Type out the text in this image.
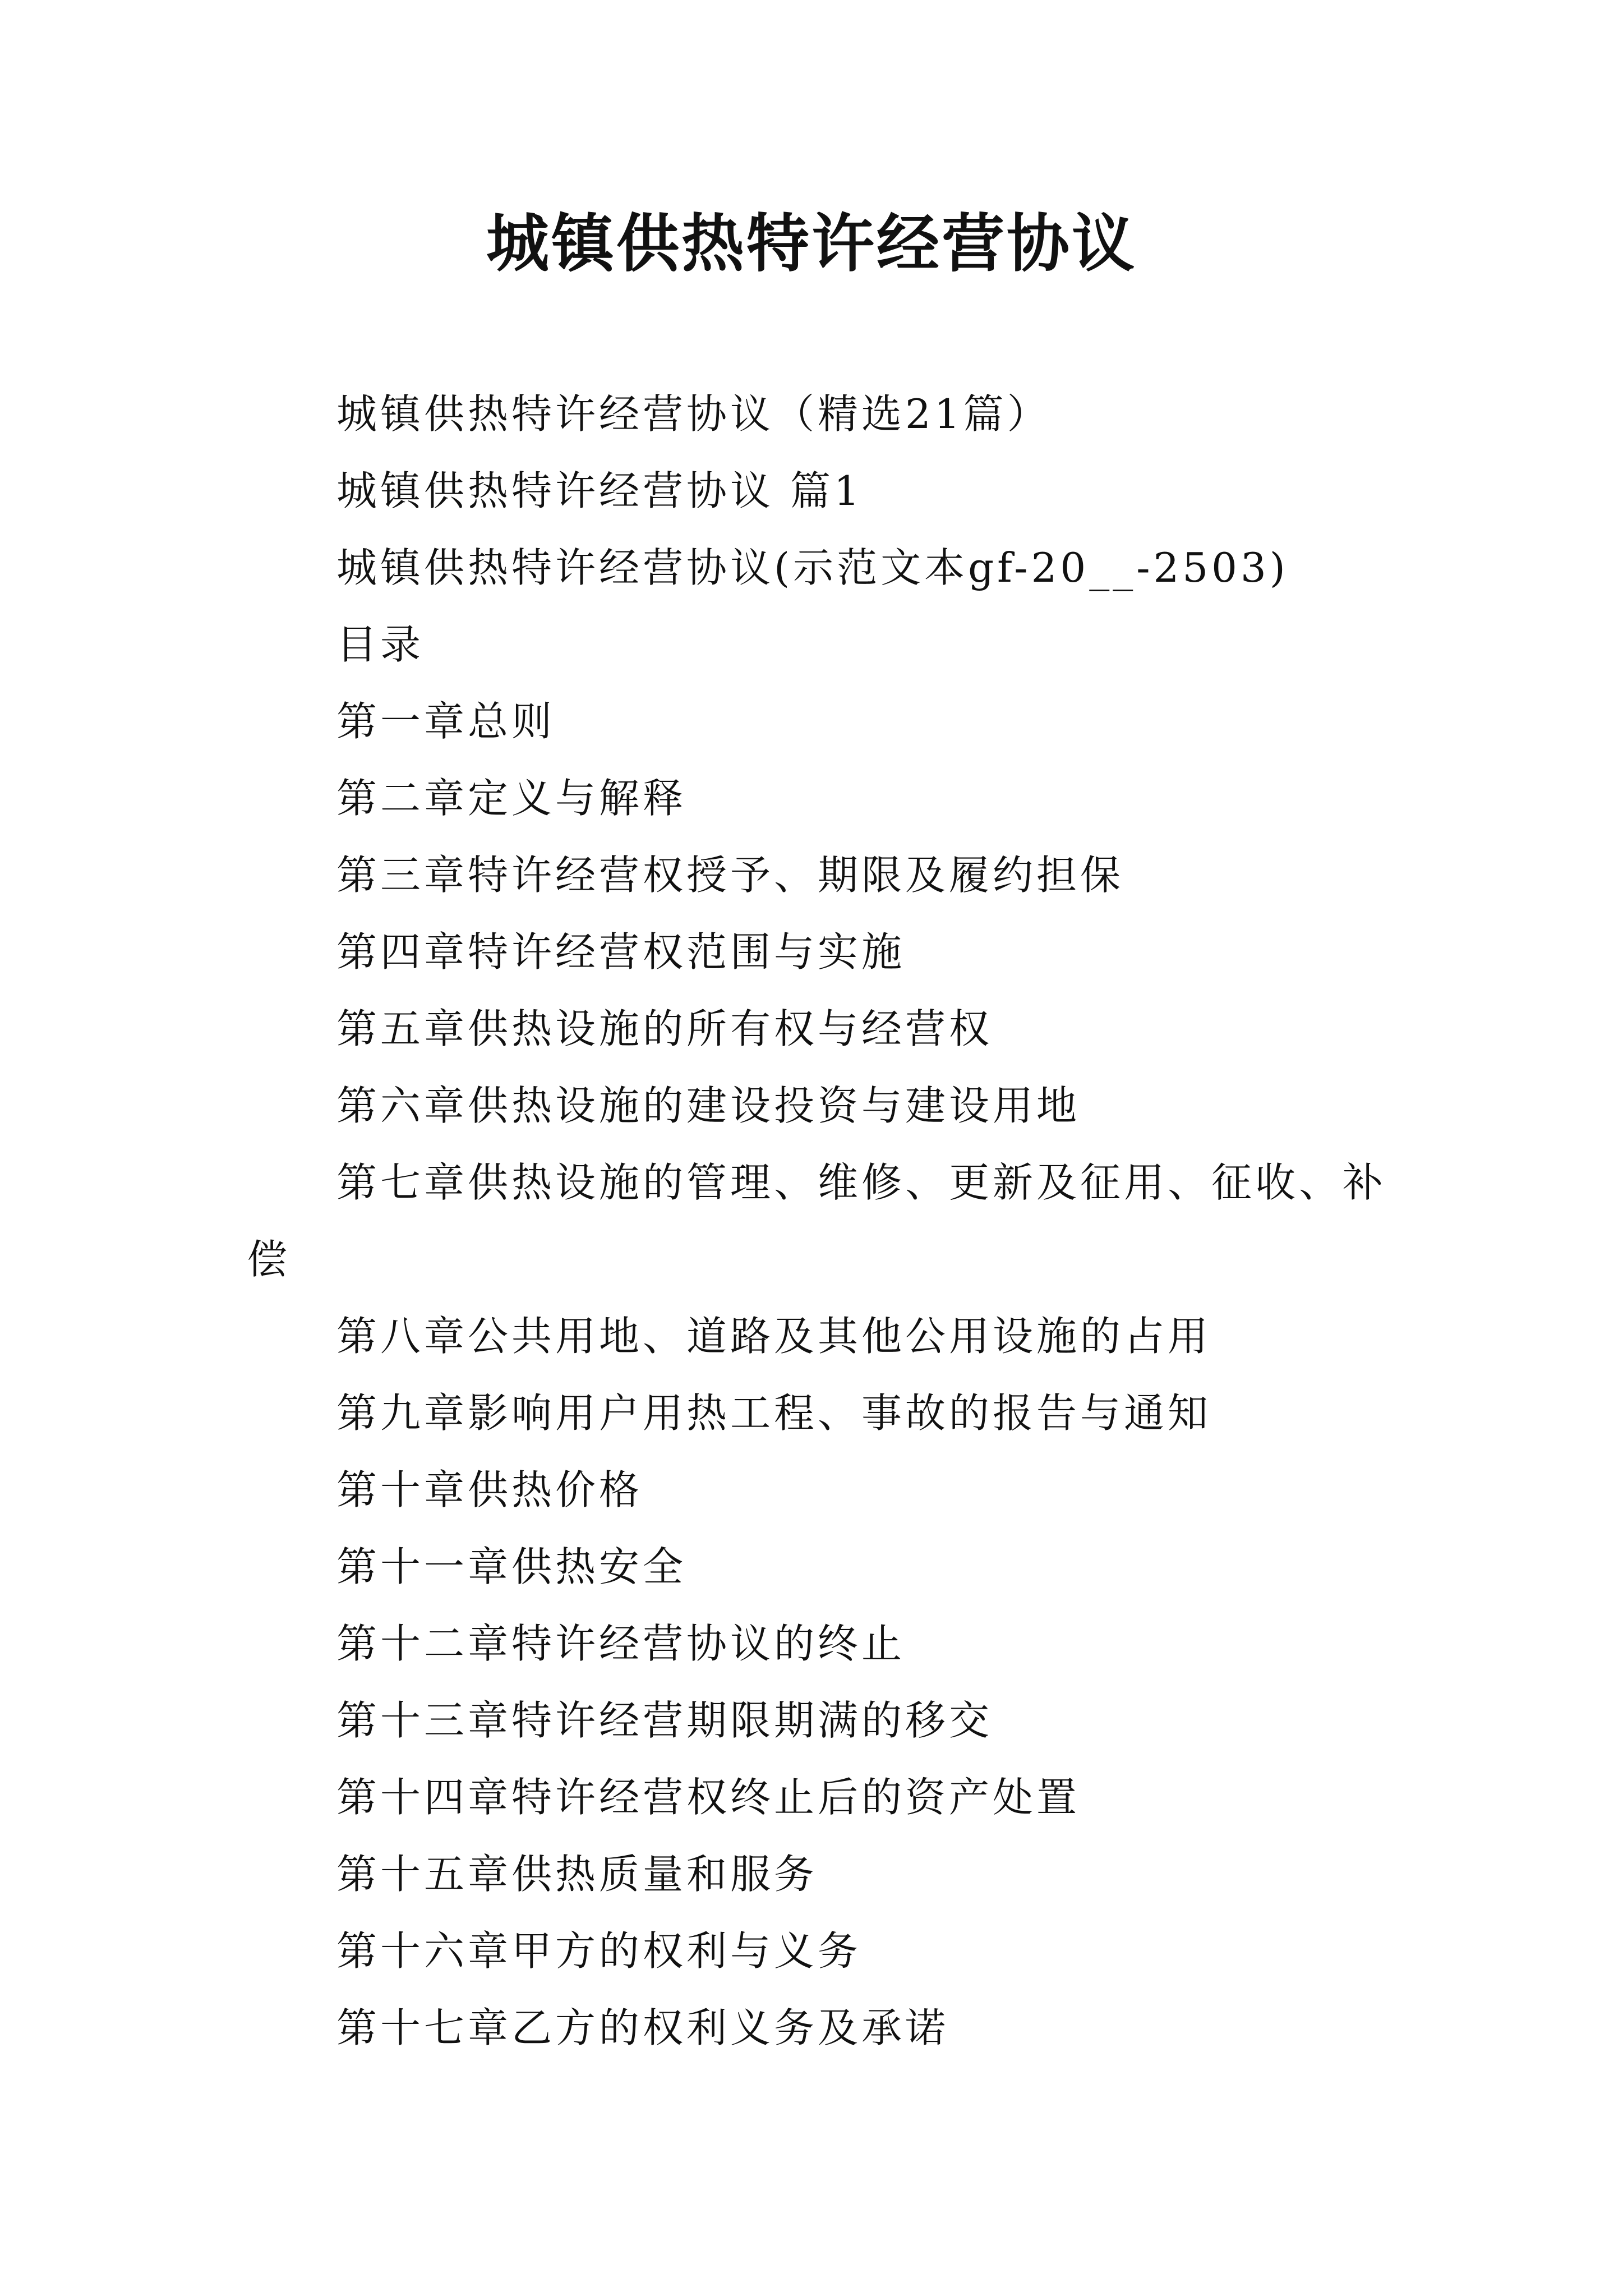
城镇供热特许经营协议

城镇供热特许经营协议（精选21篇）

城镇供热特许经营协议 篇1

城镇供热特许经营协议(示范文本gf-20__-2503)

目录

第一章总则

第二章定义与解释

第三章特许经营权授予、期限及履约担保

第四章特许经营权范围与实施

第五章供热设施的所有权与经营权

第六章供热设施的建设投资与建设用地

第七章供热设施的管理、维修、更新及征用、征收、补偿

第八章公共用地、道路及其他公用设施的占用

第九章影响用户用热工程、事故的报告与通知

第十章供热价格

第十一章供热安全

第十二章特许经营协议的终止

第十三章特许经营期限期满的移交

第十四章特许经营权终止后的资产处置

第十五章供热质量和服务

第十六章甲方的权利与义务

第十七章乙方的权利义务及承诺
